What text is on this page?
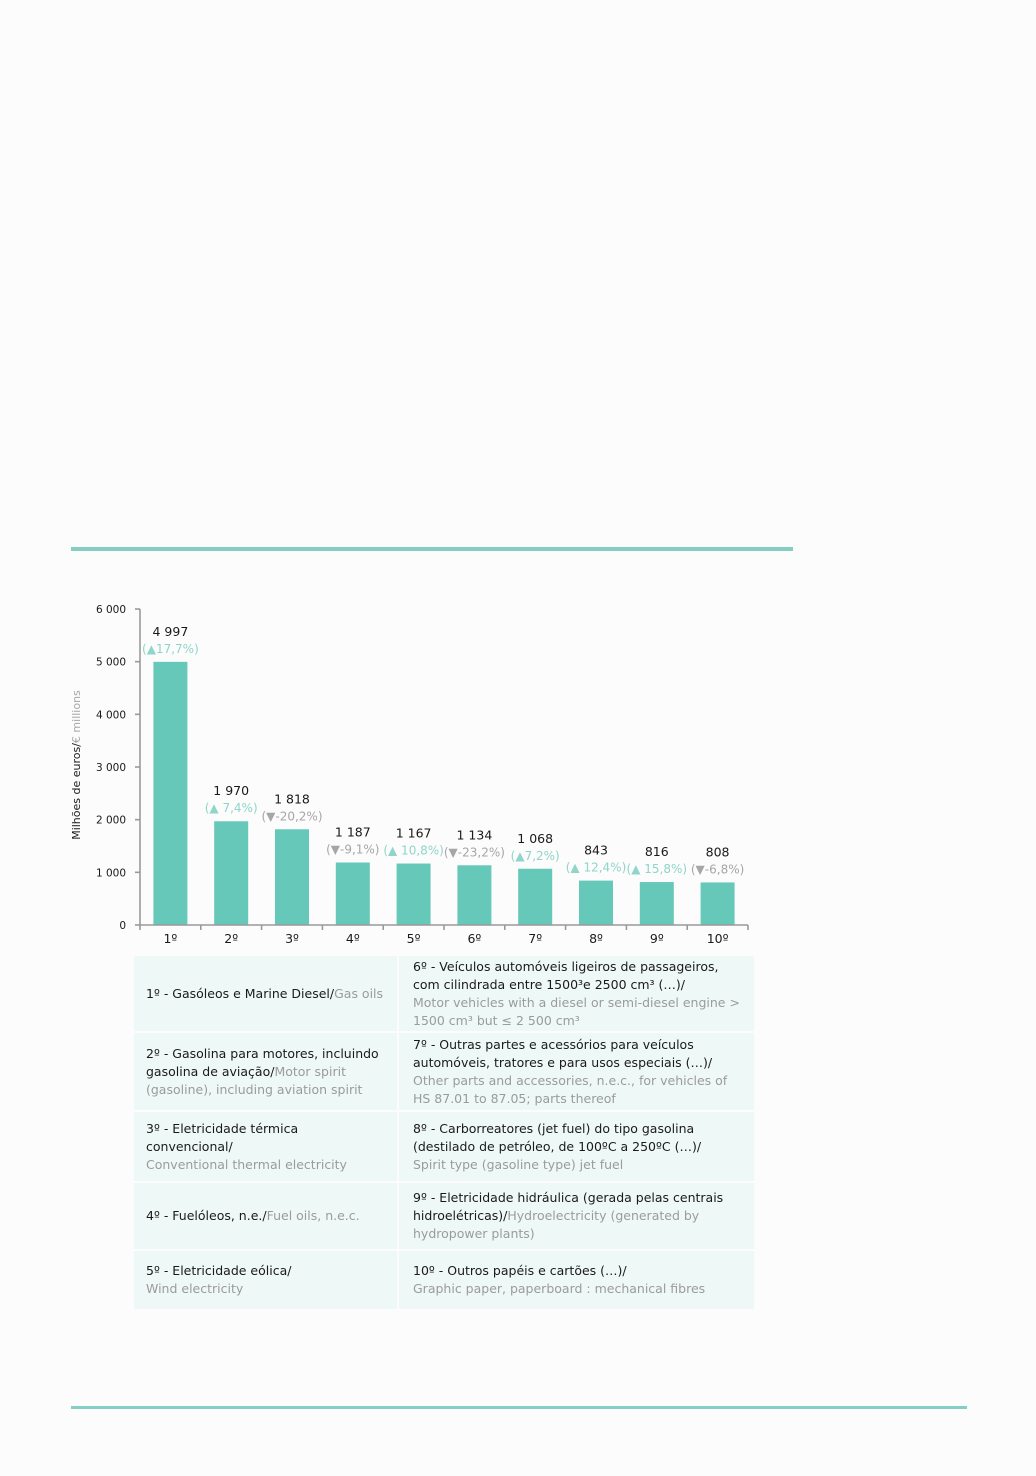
0
1 000
2 000
3 000
4 000
5 000
6 000
1º
4 997
(▲17,7%)
2º
1 970
(▲ 7,4%)
3º
1 818
(▼-20,2%)
4º
1 187
(▼-9,1%)
5º
1 167
(▲ 10,8%)
6º
1 134
(▼-23,2%)
7º
1 068
(▲7,2%)
8º
843
(▲ 12,4%)
9º
816
(▲ 15,8%)
10º
808
(▼-6,8%)
Milhões de euros/€ millions
1º - Gasóleos e Marine Diesel/Gas oils
6º - Veículos automóveis ligeiros de passageiros, com cilindrada entre 1500³e 2500 cm³ (…)/
Motor vehicles with a diesel or semi-diesel engine > 1500 cm³ but ≤ 2 500 cm³
2º - Gasolina para motores, incluindo gasolina de aviação/Motor spirit (gasoline), including aviation spirit
7º - Outras partes e acessórios para veículos automóveis, tratores e para usos especiais (…)/
Other parts and accessories, n.e.c., for vehicles of HS 87.01 to 87.05; parts thereof
3º - Eletricidade térmica convencional/
Conventional thermal electricity
8º - Carborreatores (jet fuel) do tipo gasolina (destilado de petróleo, de 100ºC a 250ºC (…)/
Spirit type (gasoline type) jet fuel
4º - Fuelóleos, n.e./Fuel oils, n.e.c.
9º - Eletricidade hidráulica (gerada pelas centrais hidroelétricas)/Hydroelectricity (generated by hydropower plants)
5º - Eletricidade eólica/
Wind electricity
10º - Outros papéis e cartões (…)/
Graphic paper, paperboard : mechanical fibres
